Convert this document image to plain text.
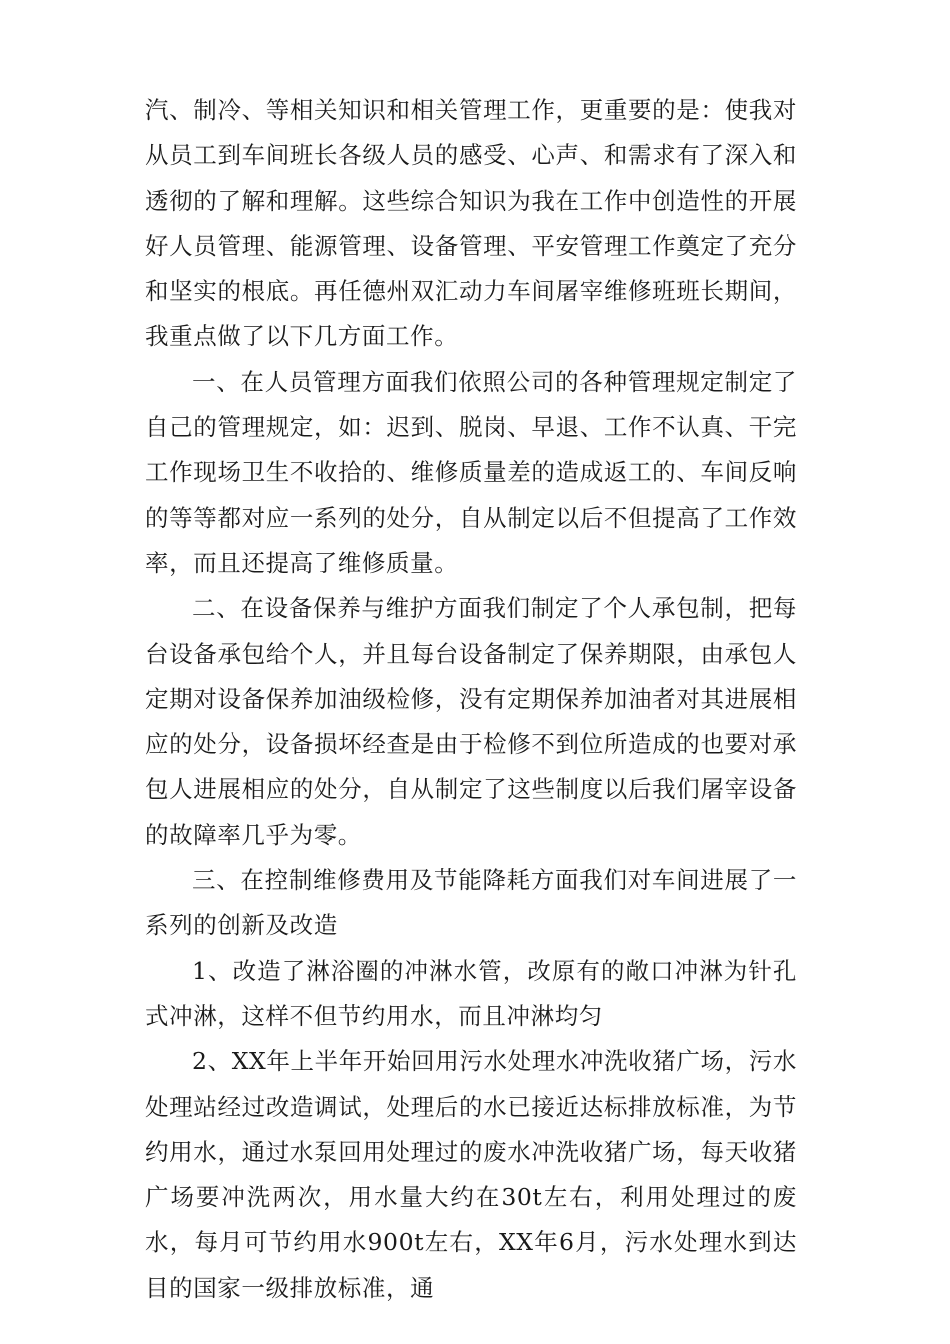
汽、制冷、等相关知识和相关管理工作，更重要的是：使我对从员工到车间班长各级人员的感受、心声、和需求有了深入和透彻的了解和理解。这些综合知识为我在工作中创造性的开展好人员管理、能源管理、设备管理、平安管理工作奠定了充分和坚实的根底。再任德州双汇动力车间屠宰维修班班长期间，我重点做了以下几方面工作。

一、在人员管理方面我们依照公司的各种管理规定制定了自己的管理规定，如：迟到、脱岗、早退、工作不认真、干完工作现场卫生不收拾的、维修质量差的造成返工的、车间反响的等等都对应一系列的处分，自从制定以后不但提高了工作效率，而且还提高了维修质量。

二、在设备保养与维护方面我们制定了个人承包制，把每台设备承包给个人，并且每台设备制定了保养期限，由承包人定期对设备保养加油级检修，没有定期保养加油者对其进展相应的处分，设备损坏经查是由于检修不到位所造成的也要对承包人进展相应的处分，自从制定了这些制度以后我们屠宰设备的故障率几乎为零。

三、在控制维修费用及节能降耗方面我们对车间进展了一系列的创新及改造

1、改造了淋浴圈的冲淋水管，改原有的敞口冲淋为针孔式冲淋，这样不但节约用水，而且冲淋均匀

2、XX年上半年开始回用污水处理水冲洗收猪广场，污水处理站经过改造调试，处理后的水已接近达标排放标准，为节约用水，通过水泵回用处理过的废水冲洗收猪广场，每天收猪广场要冲洗两次，用水量大约在30t左右，利用处理过的废水，每月可节约用水900t左右，XX年6月，污水处理水到达目的国家一级排放标准，通
